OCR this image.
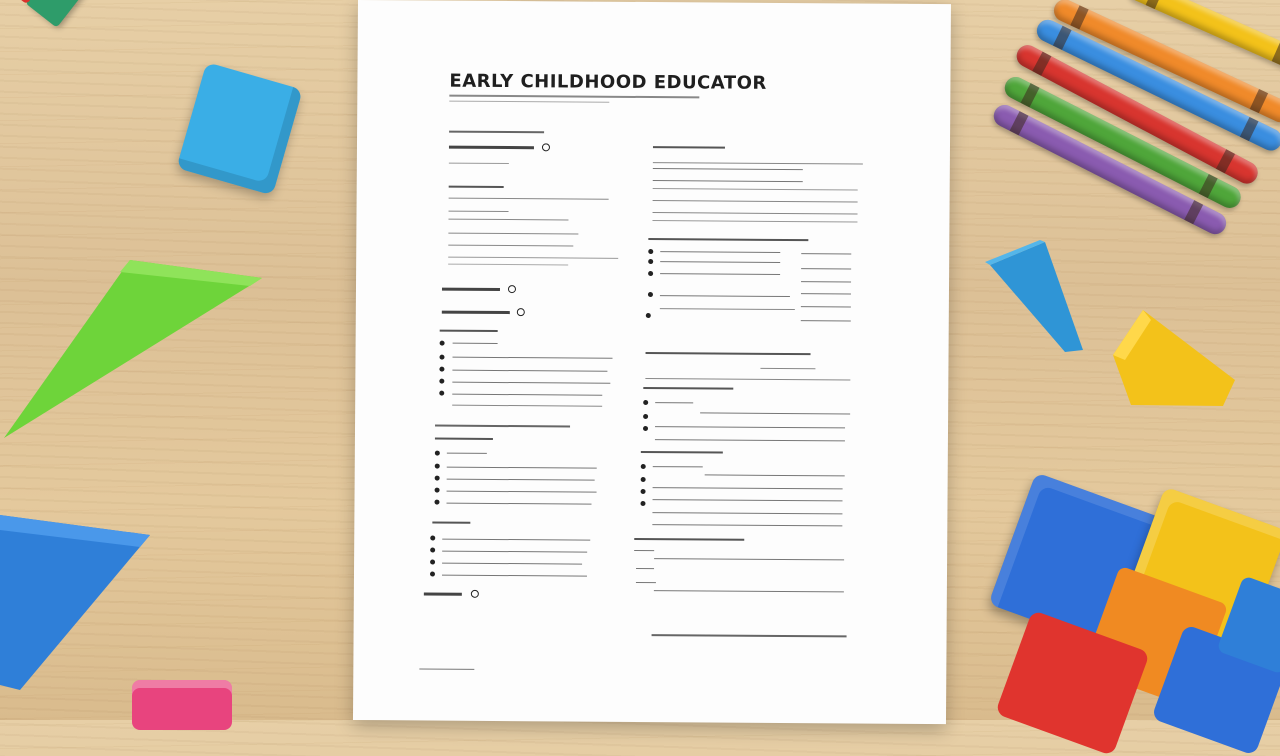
EARLY CHILDHOOD EDUCATOR
